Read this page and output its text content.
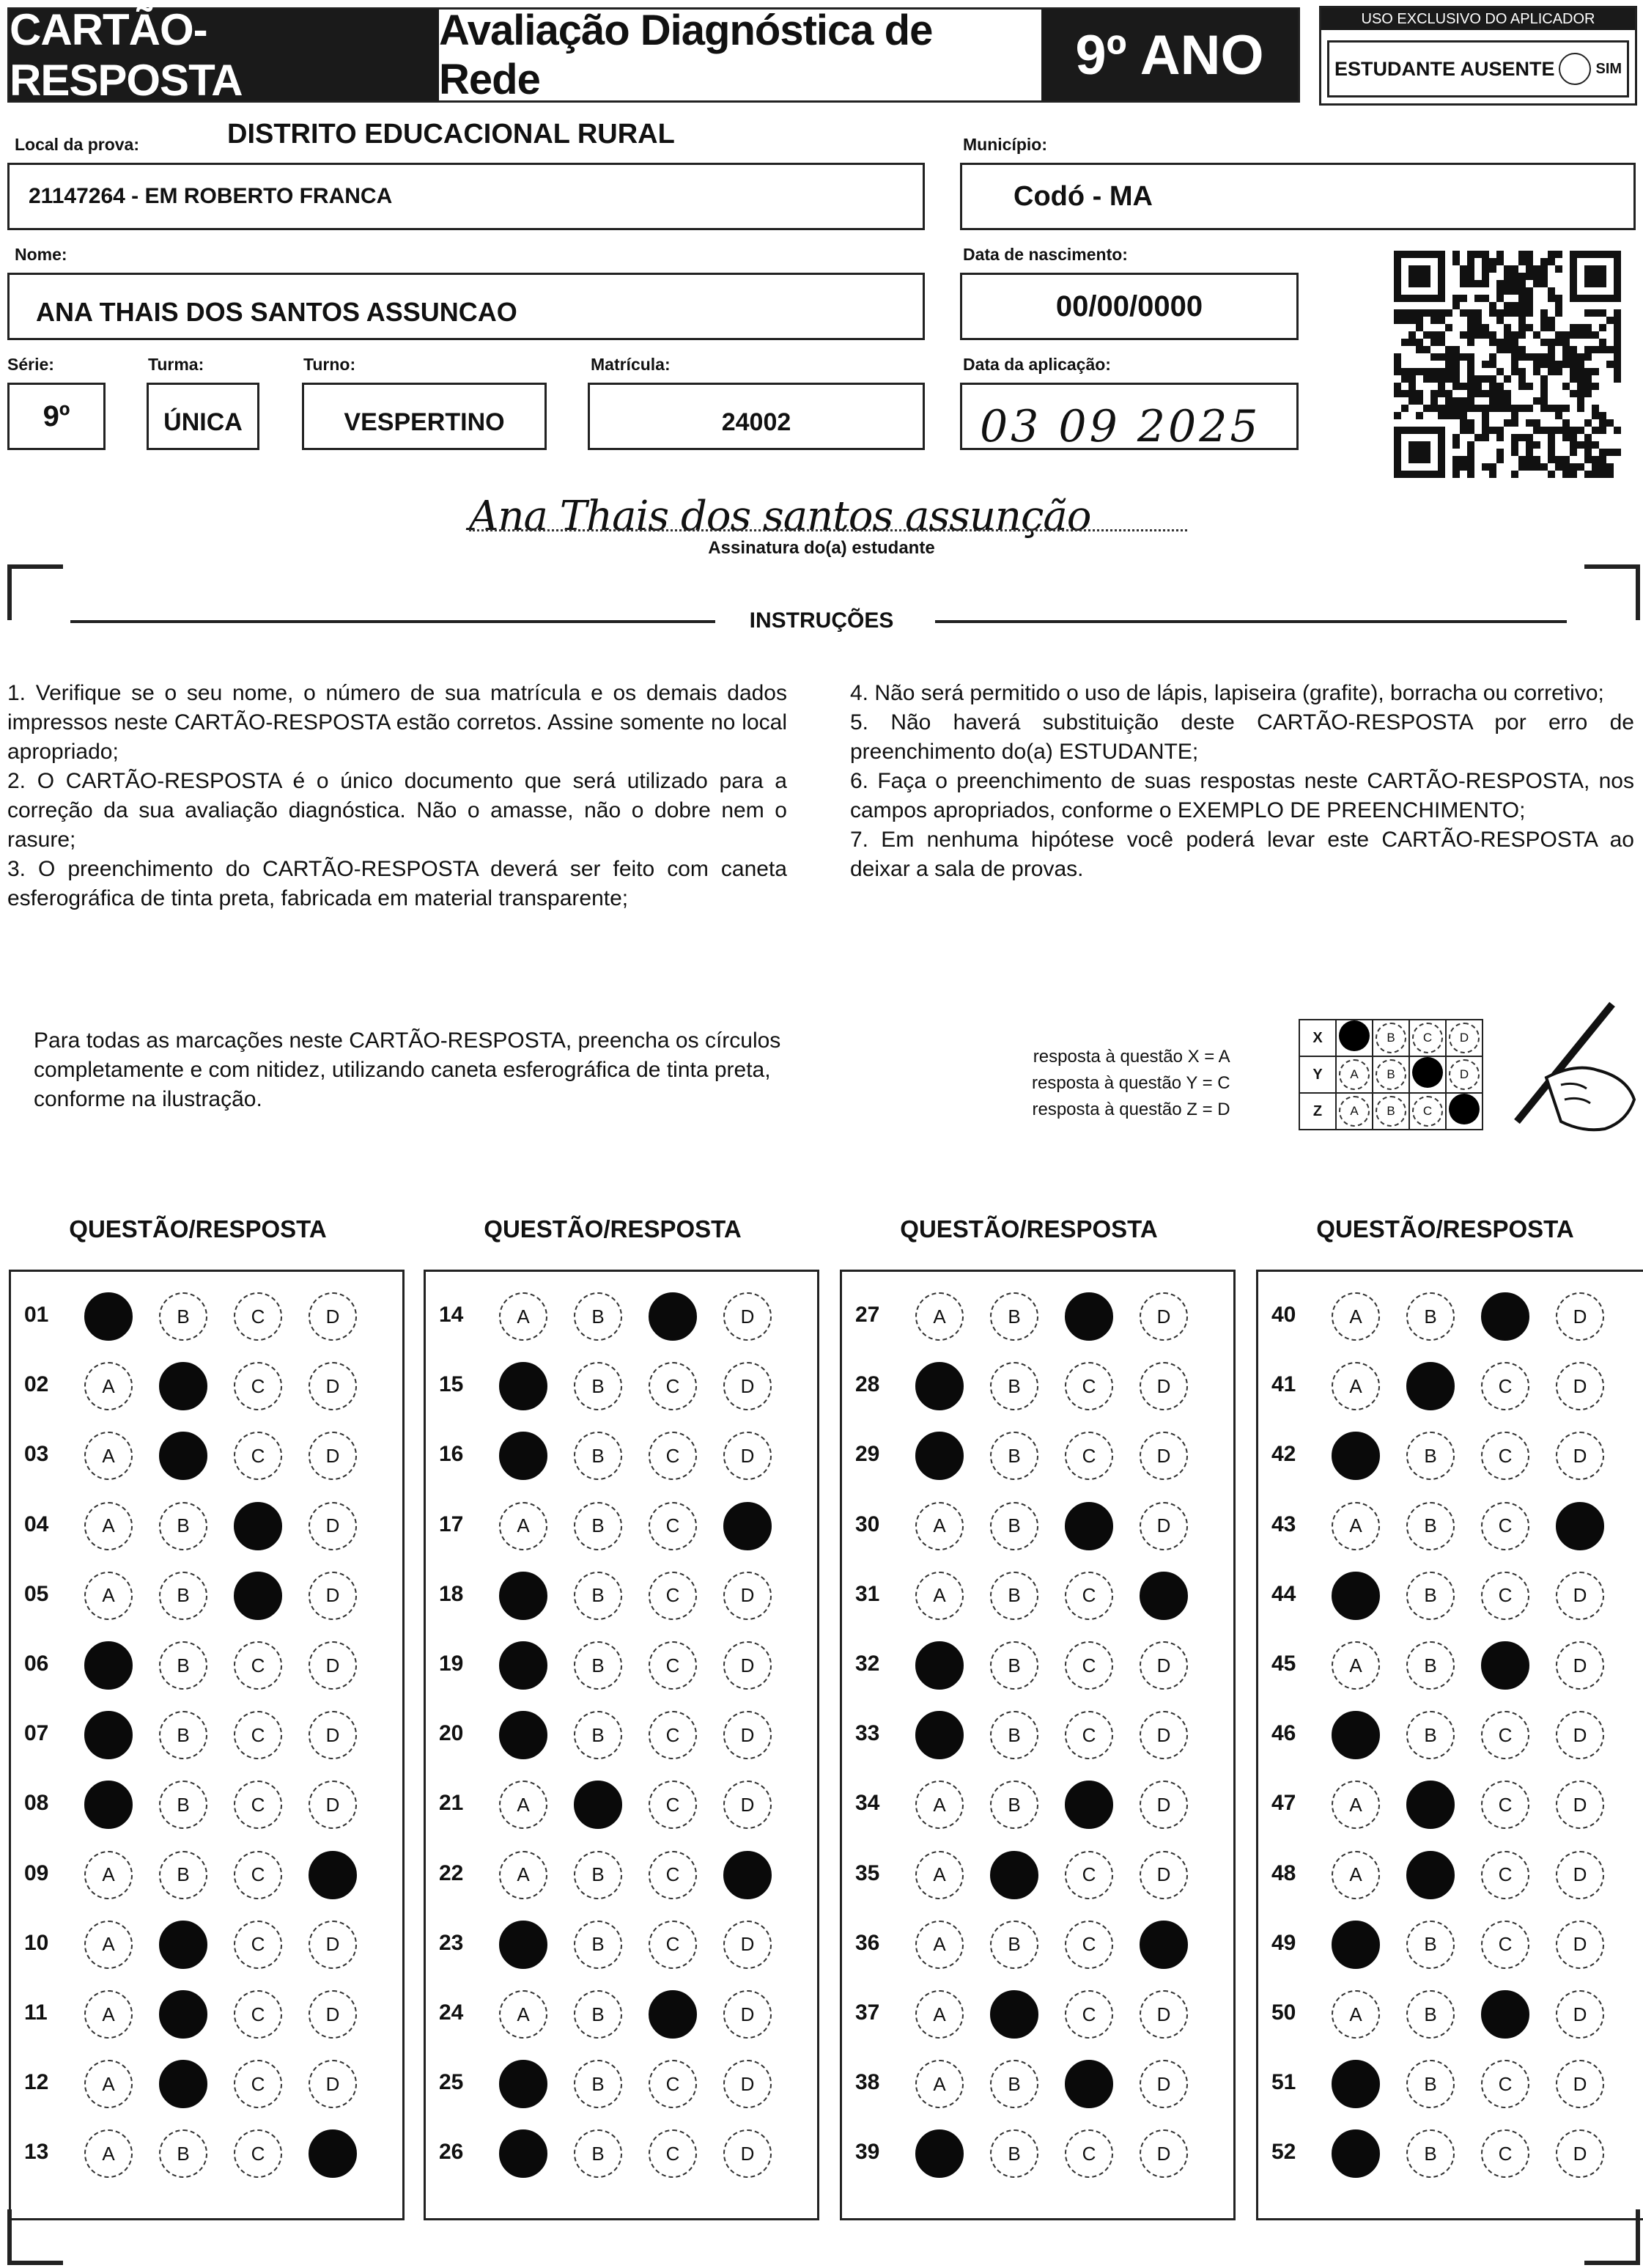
CARTÃO-RESPOSTA
Avaliação Diagnóstica de Rede	9º ANO
USO EXCLUSIVO DO APLICADOR
ESTUDANTE AUSENTE	SIM
Local da prova:	DISTRITO EDUCACIONAL RURAL
21147264 - EM ROBERTO FRANCA
Município:
Codó - MA
Nome:
ANA THAIS DOS SANTOS ASSUNCAO
Data de nascimento:
00/00/0000
Série:
9º
Turma:
ÚNICA
Turno:
VESPERTINO
Matrícula:
24002
Data da aplicação:
03 09 2025
Ana Thais dos santos assunção
Assinatura do(a) estudante
INSTRUÇÕES
1. Verifique se o seu nome, o número de sua matrícula e os demais dados impressos neste CARTÃO-RESPOSTA estão corretos. Assine somente no local apropriado;
2. O CARTÃO-RESPOSTA é o único documento que será utilizado para a correção da sua avaliação diagnóstica. Não o amasse, não o dobre nem o rasure;
3. O preenchimento do CARTÃO-RESPOSTA deverá ser feito com caneta esferográfica de tinta preta, fabricada em material transparente;
4. Não será permitido o uso de lápis, lapiseira (grafite), borracha ou corretivo;
5. Não haverá substituição deste CARTÃO-RESPOSTA por erro de preenchimento do(a) ESTUDANTE;
6. Faça o preenchimento de suas respostas neste CARTÃO-RESPOSTA, nos campos apropriados, conforme o EXEMPLO DE PREENCHIMENTO;
7. Em nenhuma hipótese você poderá levar este CARTÃO-RESPOSTA ao deixar a sala de provas.
Para todas as marcações neste CARTÃO-RESPOSTA, preencha os círculos completamente e com nitidez, utilizando caneta esferográfica de tinta preta, conforme na ilustração.
resposta à questão X = A
resposta à questão Y = C
resposta à questão Z = D
X		B	C	D
Y	A	B		D
Z	A	B	C	
QUESTÃO/RESPOSTA	QUESTÃO/RESPOSTA	QUESTÃO/RESPOSTA	QUESTÃO/RESPOSTA
01	B	C	D
02	A	C	D
03	A	C	D
04	A	B	D
05	A	B	D
06	B	C	D
07	B	C	D
08	B	C	D
09	A	B	C
10	A	C	D
11	A	C	D
12	A	C	D
13	A	B	C
14	A	B	D
15	B	C	D
16	B	C	D
17	A	B	C
18	B	C	D
19	B	C	D
20	B	C	D
21	A	C	D
22	A	B	C
23	B	C	D
24	A	B	D
25	B	C	D
26	B	C	D
27	A	B	D
28	B	C	D
29	B	C	D
30	A	B	D
31	A	B	C
32	B	C	D
33	B	C	D
34	A	B	D
35	A	C	D
36	A	B	C
37	A	C	D
38	A	B	D
39	B	C	D
40	A	B	D
41	A	C	D
42	B	C	D
43	A	B	C
44	B	C	D
45	A	B	D
46	B	C	D
47	A	C	D
48	A	C	D
49	B	C	D
50	A	B	D
51	B	C	D
52	B	C	D
